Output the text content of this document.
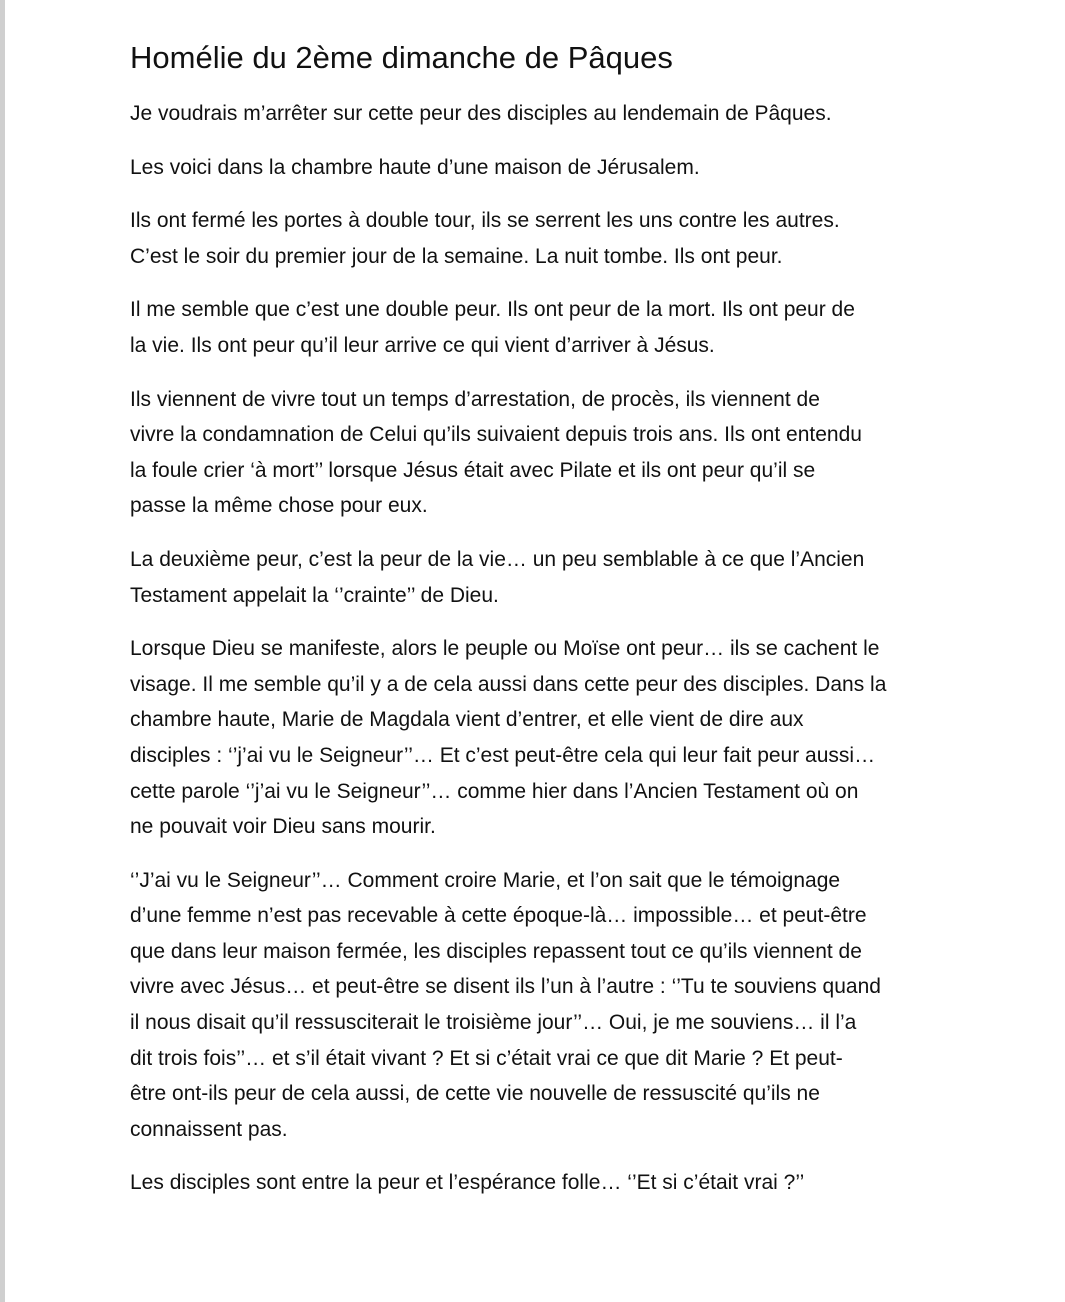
Homélie du 2ème dimanche de Pâques

Je voudrais m’arrêter sur cette peur des disciples au lendemain de Pâques.

Les voici dans la chambre haute d’une maison de Jérusalem.

Ils ont fermé les portes à double tour, ils se serrent les uns contre les autres.
C’est le soir du premier jour de la semaine. La nuit tombe. Ils ont peur.

Il me semble que c’est une double peur. Ils ont peur de la mort. Ils ont peur de
la vie. Ils ont peur qu’il leur arrive ce qui vient d’arriver à Jésus.

Ils viennent de vivre tout un temps d’arrestation, de procès, ils viennent de
vivre la condamnation de Celui qu’ils suivaient depuis trois ans. Ils ont entendu
la foule crier ‘à mort’’ lorsque Jésus était avec Pilate et ils ont peur qu’il se
passe la même chose pour eux.

La deuxième peur, c’est la peur de la vie… un peu semblable à ce que l’Ancien
Testament appelait la ‘’crainte’’ de Dieu.

Lorsque Dieu se manifeste, alors le peuple ou Moïse ont peur… ils se cachent le
visage. Il me semble qu’il y a de cela aussi dans cette peur des disciples. Dans la
chambre haute, Marie de Magdala vient d’entrer, et elle vient de dire aux
disciples : ‘’j’ai vu le Seigneur’’… Et c’est peut-être cela qui leur fait peur aussi…
cette parole ‘’j’ai vu le Seigneur’’… comme hier dans l’Ancien Testament où on
ne pouvait voir Dieu sans mourir.

‘’J’ai vu le Seigneur’’… Comment croire Marie, et l’on sait que le témoignage
d’une femme n’est pas recevable à cette époque-là… impossible… et peut-être
que dans leur maison fermée, les disciples repassent tout ce qu’ils viennent de
vivre avec Jésus… et peut-être se disent ils l’un à l’autre : ‘’Tu te souviens quand
il nous disait qu’il ressusciterait le troisième jour’’… Oui, je me souviens… il l’a
dit trois fois’’… et s’il était vivant ? Et si c’était vrai ce que dit Marie ? Et peut-
être ont-ils peur de cela aussi, de cette vie nouvelle de ressuscité qu’ils ne
connaissent pas.

Les disciples sont entre la peur et l’espérance folle… ‘’Et si c’était vrai ?’’
